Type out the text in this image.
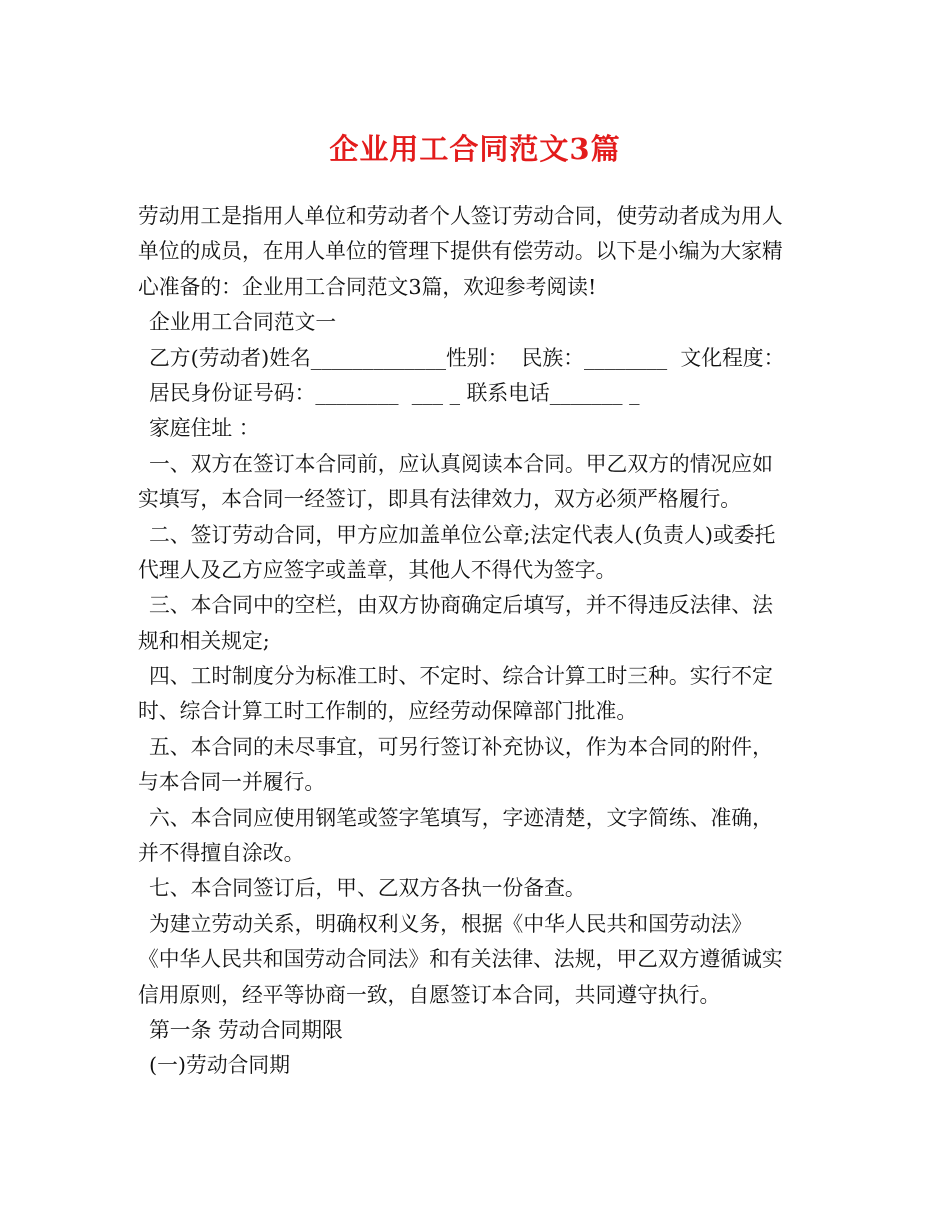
企业用工合同范文3篇
劳动用工是指用人单位和劳动者个人签订劳动合同，使劳动者成为用人
单位的成员，在用人单位的管理下提供有偿劳动。以下是小编为大家精
心准备的：企业用工合同范文3篇，欢迎参考阅读!
企业用工合同范文一
乙方(劳动者)姓名_____________性别：  民族：________  文化程度：
居民身份证号码：________  ___ _ 联系电话_______ _
家庭住址 ：
一、双方在签订本合同前，应认真阅读本合同。甲乙双方的情况应如
实填写，本合同一经签订，即具有法律效力，双方必须严格履行。
二、签订劳动合同，甲方应加盖单位公章;法定代表人(负责人)或委托
代理人及乙方应签字或盖章，其他人不得代为签字。
三、本合同中的空栏，由双方协商确定后填写，并不得违反法律、法
规和相关规定;
四、工时制度分为标准工时、不定时、综合计算工时三种。实行不定
时、综合计算工时工作制的，应经劳动保障部门批准。
五、本合同的未尽事宜，可另行签订补充协议，作为本合同的附件，
与本合同一并履行。
六、本合同应使用钢笔或签字笔填写，字迹清楚，文字简练、准确，
并不得擅自涂改。
七、本合同签订后，甲、乙双方各执一份备查。
为建立劳动关系，明确权利义务，根据《中华人民共和国劳动法》
《中华人民共和国劳动合同法》和有关法律、法规，甲乙双方遵循诚实
信用原则，经平等协商一致，自愿签订本合同，共同遵守执行。
第一条 劳动合同期限
(一)劳动合同期
